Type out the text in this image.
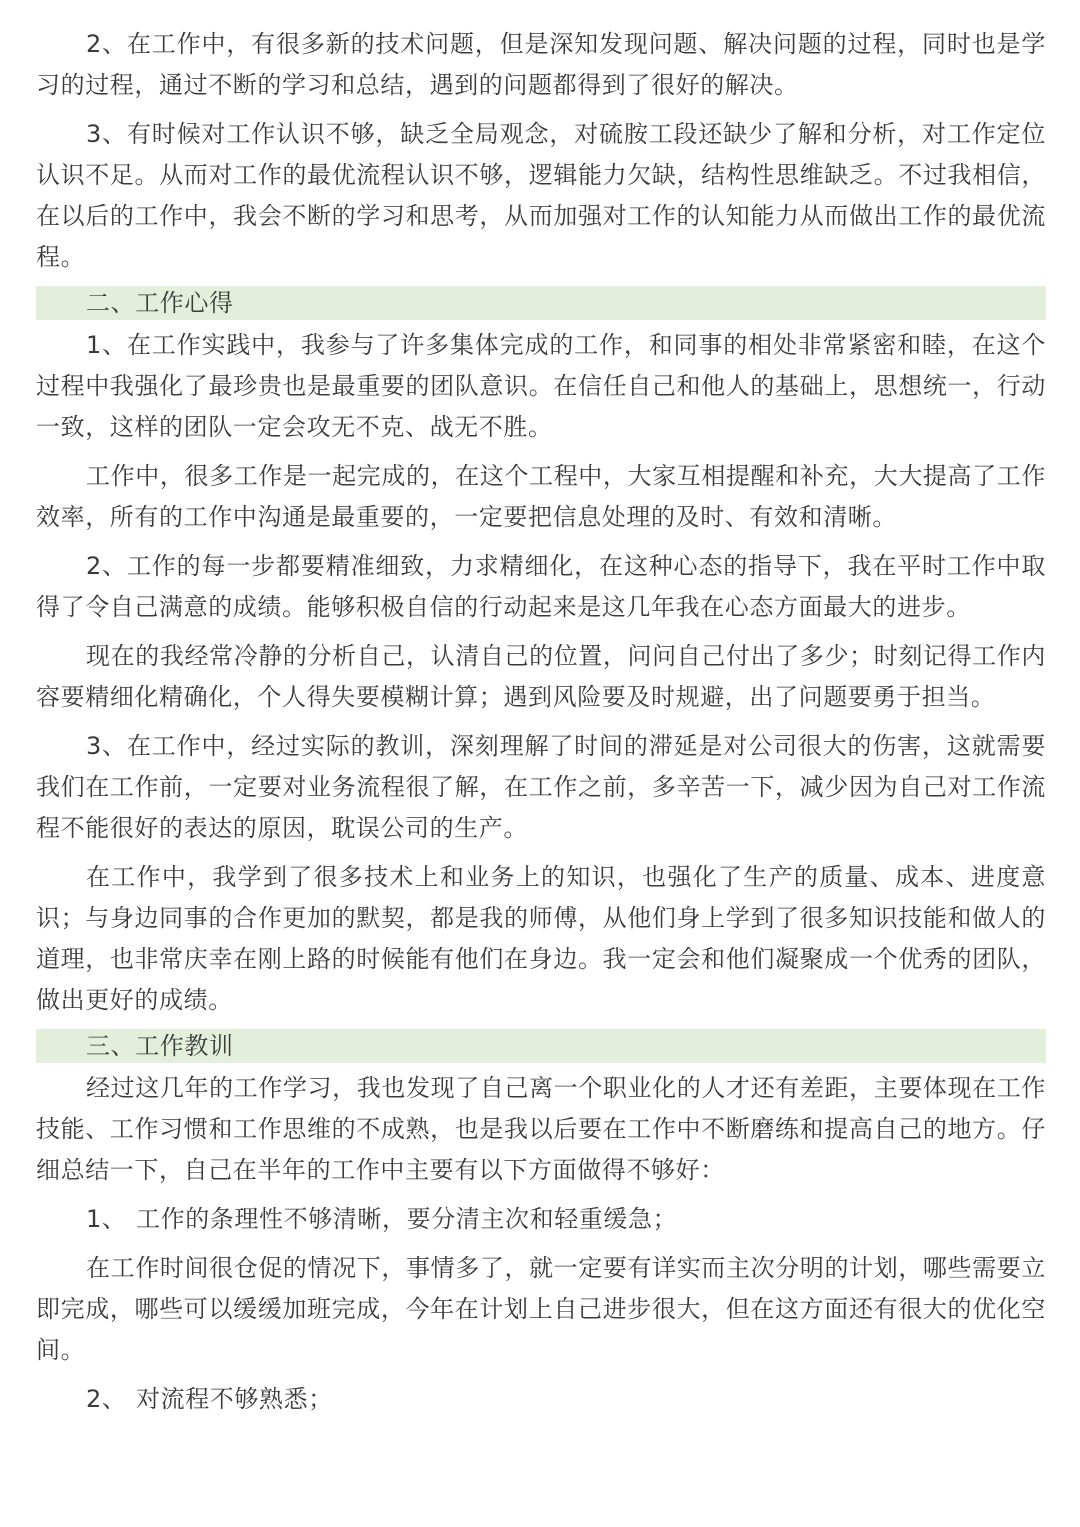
2、在工作中，有很多新的技术问题，但是深知发现问题、解决问题的过程，同时也是学习的过程，通过不断的学习和总结，遇到的问题都得到了很好的解决。

3、有时候对工作认识不够，缺乏全局观念，对硫胺工段还缺少了解和分析，对工作定位认识不足。从而对工作的最优流程认识不够，逻辑能力欠缺，结构性思维缺乏。不过我相信，在以后的工作中，我会不断的学习和思考，从而加强对工作的认知能力从而做出工作的最优流程。

二、工作心得

1、在工作实践中，我参与了许多集体完成的工作，和同事的相处非常紧密和睦，在这个过程中我强化了最珍贵也是最重要的团队意识。在信任自己和他人的基础上，思想统一，行动一致，这样的团队一定会攻无不克、战无不胜。

工作中，很多工作是一起完成的，在这个工程中，大家互相提醒和补充，大大提高了工作效率，所有的工作中沟通是最重要的，一定要把信息处理的及时、有效和清晰。

2、工作的每一步都要精准细致，力求精细化，在这种心态的指导下，我在平时工作中取得了令自己满意的成绩。能够积极自信的行动起来是这几年我在心态方面最大的进步。

现在的我经常冷静的分析自己，认清自己的位置，问问自己付出了多少；时刻记得工作内容要精细化精确化，个人得失要模糊计算；遇到风险要及时规避，出了问题要勇于担当。

3、在工作中，经过实际的教训，深刻理解了时间的滞延是对公司很大的伤害，这就需要我们在工作前，一定要对业务流程很了解，在工作之前，多辛苦一下，减少因为自己对工作流程不能很好的表达的原因，耽误公司的生产。

在工作中，我学到了很多技术上和业务上的知识，也强化了生产的质量、成本、进度意识；与身边同事的合作更加的默契，都是我的师傅，从他们身上学到了很多知识技能和做人的道理，也非常庆幸在刚上路的时候能有他们在身边。我一定会和他们凝聚成一个优秀的团队，做出更好的成绩。

三、工作教训

经过这几年的工作学习，我也发现了自己离一个职业化的人才还有差距，主要体现在工作技能、工作习惯和工作思维的不成熟，也是我以后要在工作中不断磨练和提高自己的地方。仔细总结一下，自己在半年的工作中主要有以下方面做得不够好：

1、 工作的条理性不够清晰，要分清主次和轻重缓急；

在工作时间很仓促的情况下，事情多了，就一定要有详实而主次分明的计划，哪些需要立即完成，哪些可以缓缓加班完成，今年在计划上自己进步很大，但在这方面还有很大的优化空间。

2、 对流程不够熟悉；
